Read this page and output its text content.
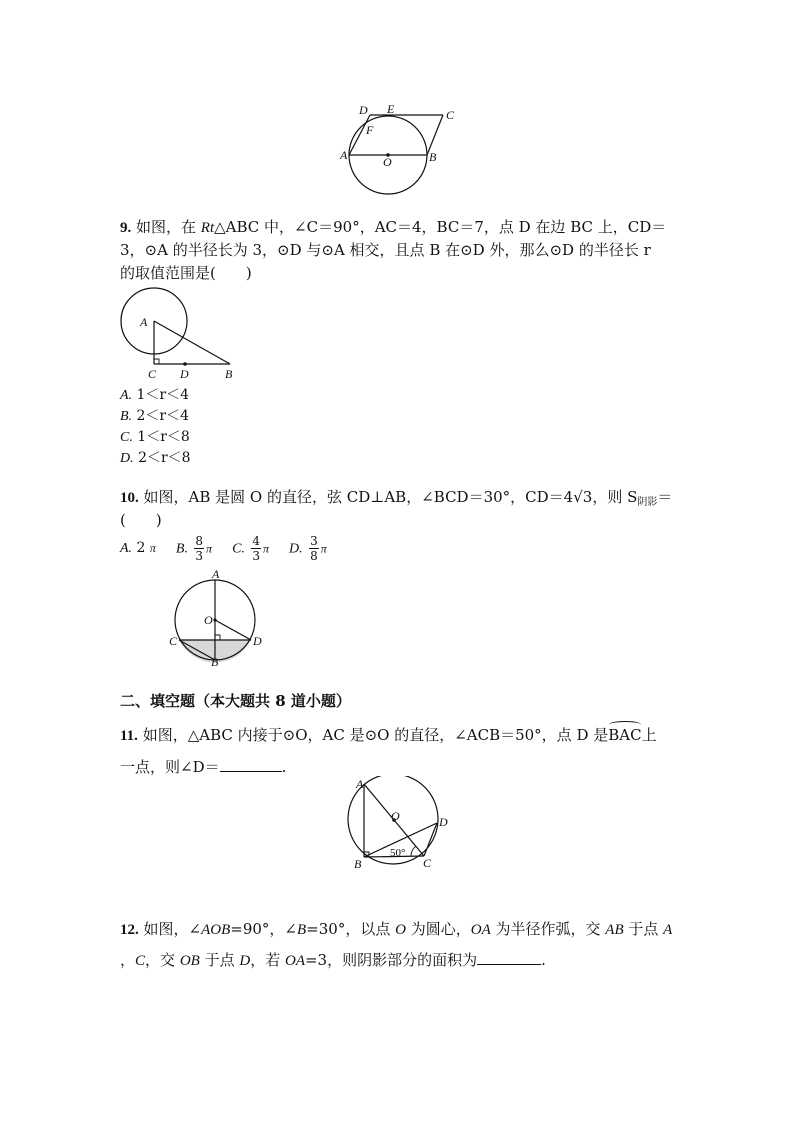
D E	C
F
A	O	B
9. 如图，在 Rt△ABC 中，∠C＝90°，AC＝4，BC＝7，点 D 在边 BC 上，CD＝
3，⊙A 的半径长为 3，⊙D 与⊙A 相交，且点 B 在⊙D 外，那么⊙D 的半径长 r
的取值范围是(　　)
A
C D	B
A. 1＜r＜4
B. 2＜r＜4
C. 1＜r＜8
D. 2＜r＜8
10. 如图，AB 是圆 O 的直径，弦 CD⊥AB，∠BCD＝30°，CD＝4√3，则 $S_{阴影}=$
(　　)
A. 2 π B. $\frac{8}{3}$ π C. $\frac{4}{3}$ π D. $\frac{3}{8}$ π
A
O
C	D
B
二、填空题（本大题共 8 道小题）
11. 如图，△ABC 内接于⊙O，AC 是⊙O 的直径，∠ACB＝50°，点 D 是BAC上
一点，则∠D＝	.
A
O	D
B	C
50°
12. 如图，∠AOB=90°，∠B=30°，以点 O 为圆心，OA 为半径作弧，交 AB 于点 A
，C，交 OB 于点 D，若 OA=3，则阴影部分的面积为	.
